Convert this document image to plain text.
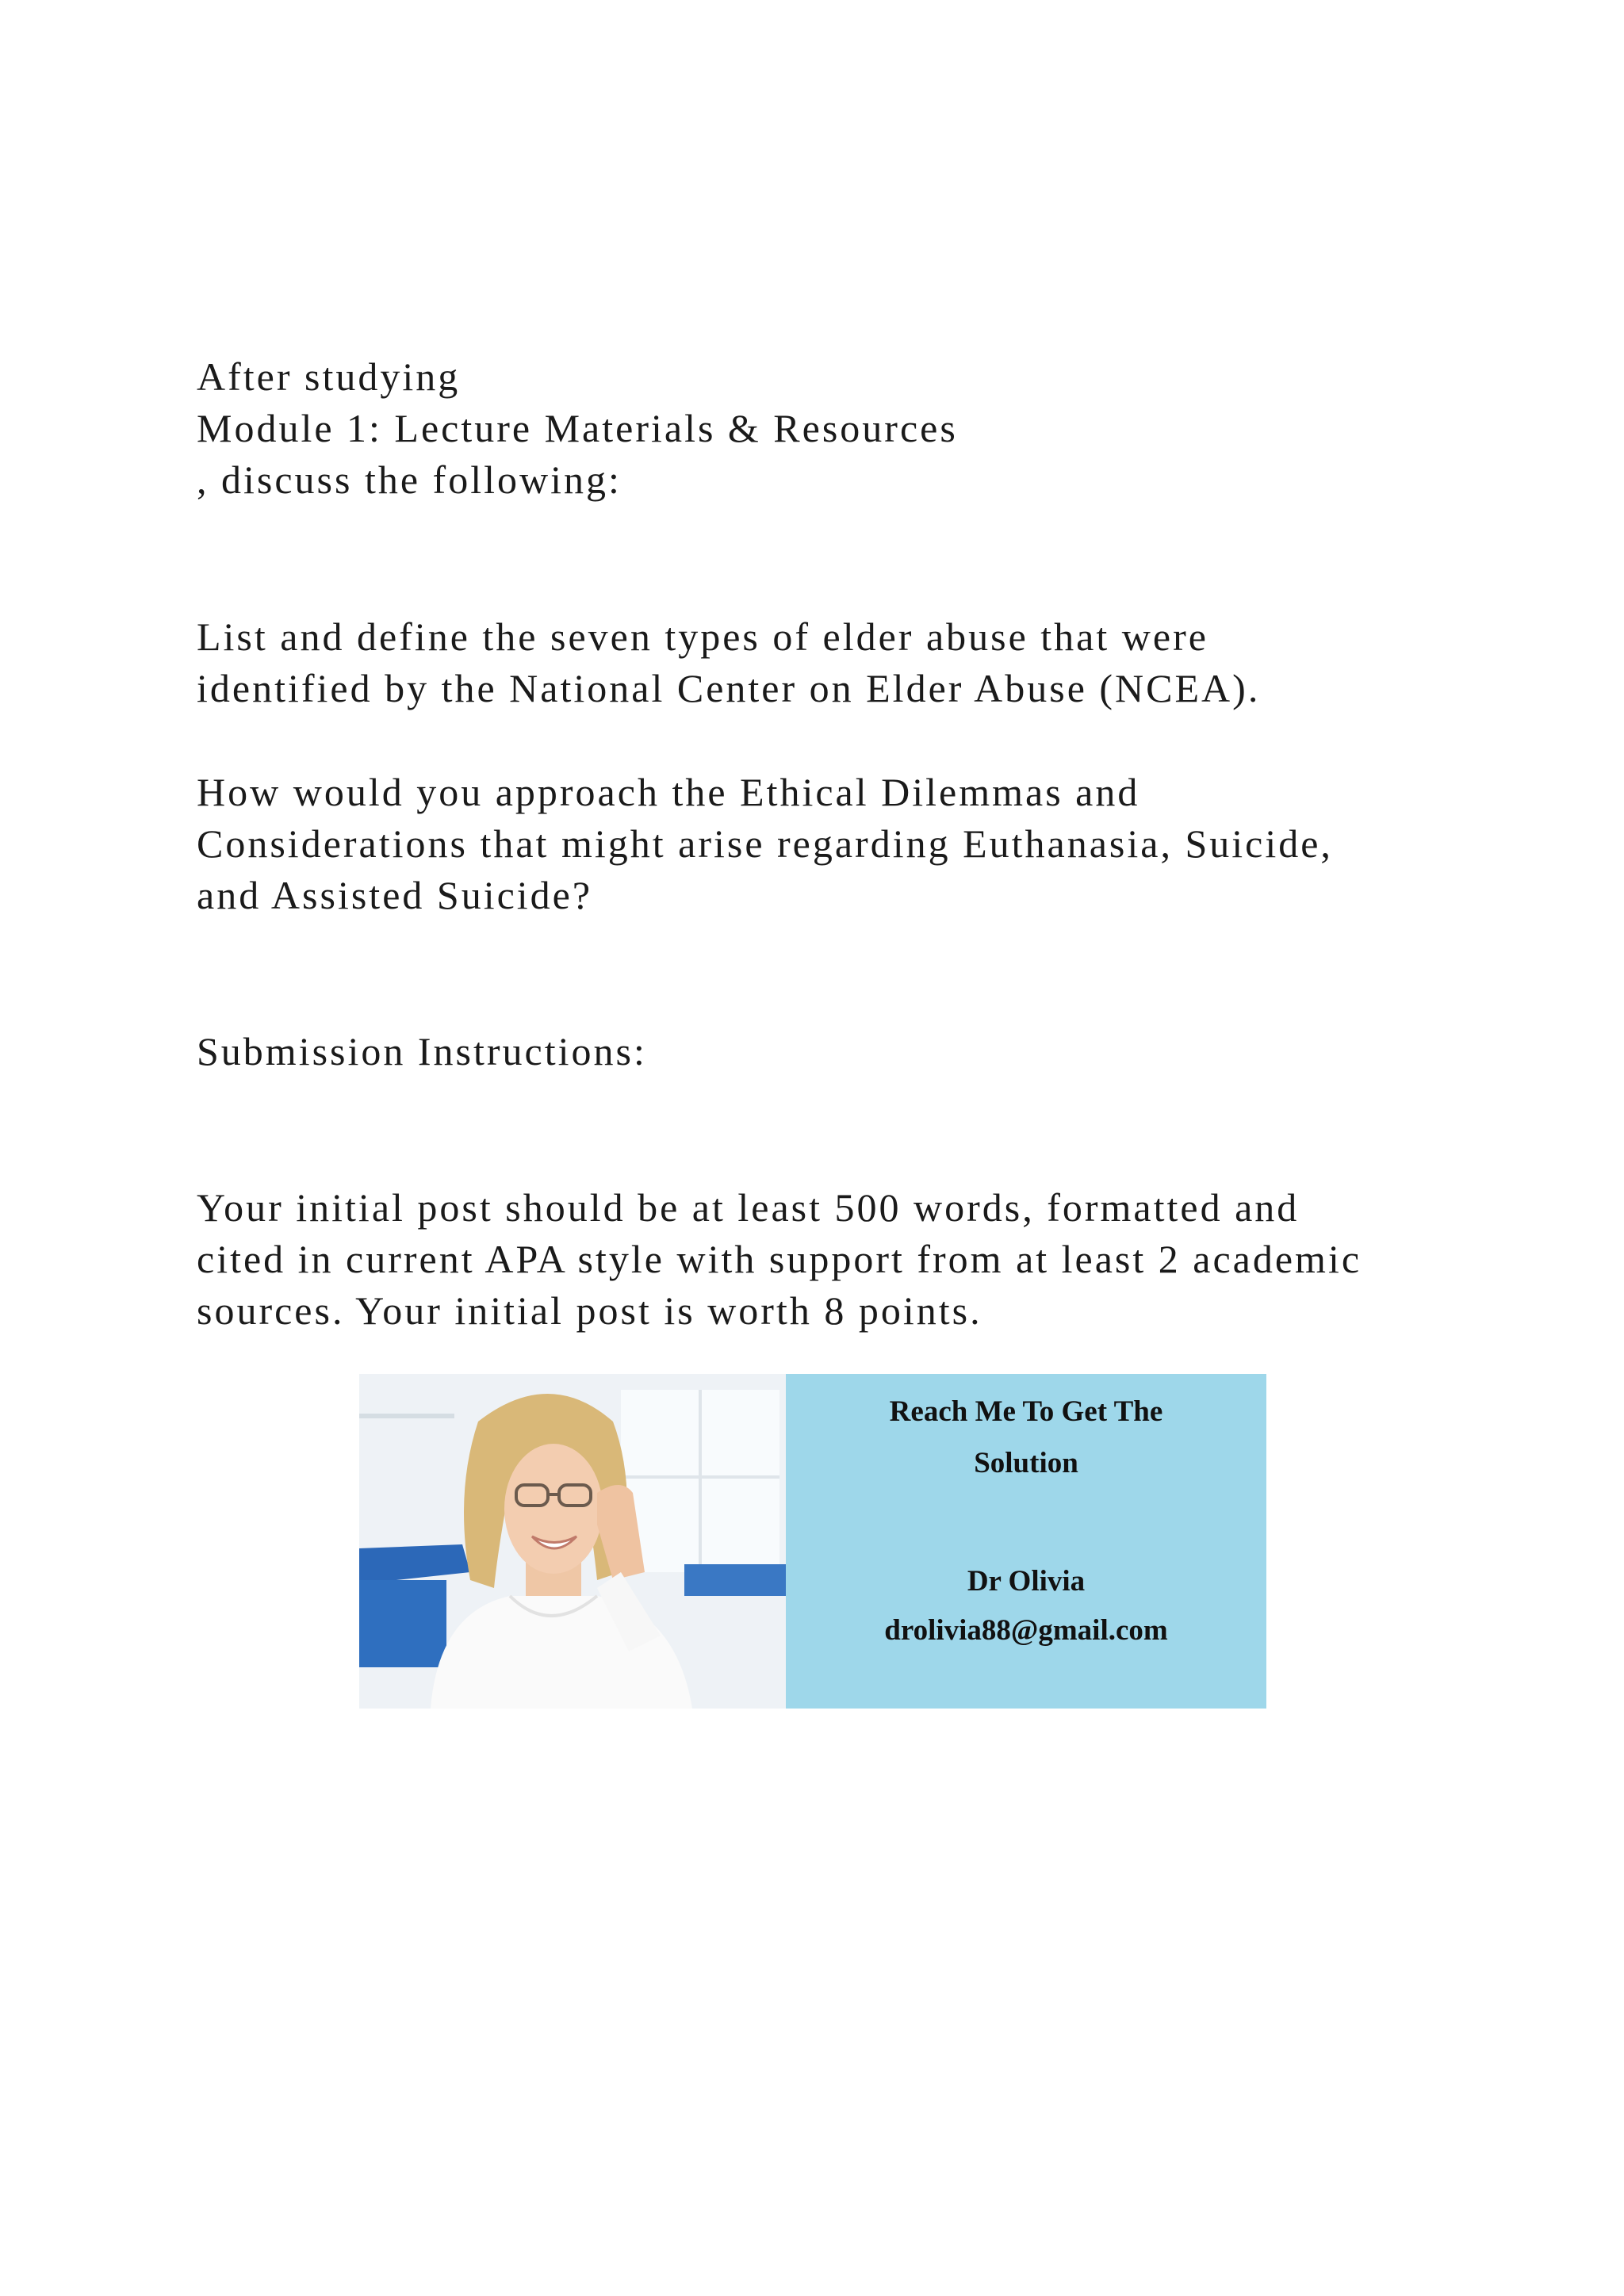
After studying
Module 1: Lecture Materials & Resources
, discuss the following:
List and define the seven types of elder abuse that were
identified by the National Center on Elder Abuse (NCEA).
How would you approach the Ethical Dilemmas and
Considerations that might arise regarding Euthanasia, Suicide,
and Assisted Suicide?
Submission Instructions:
Your initial post should be at least 500 words, formatted and
cited in current APA style with support from at least 2 academic
sources. Your initial post is worth 8 points.
Reach Me To Get The
Solution
Dr Olivia
drolivia88@gmail.com
